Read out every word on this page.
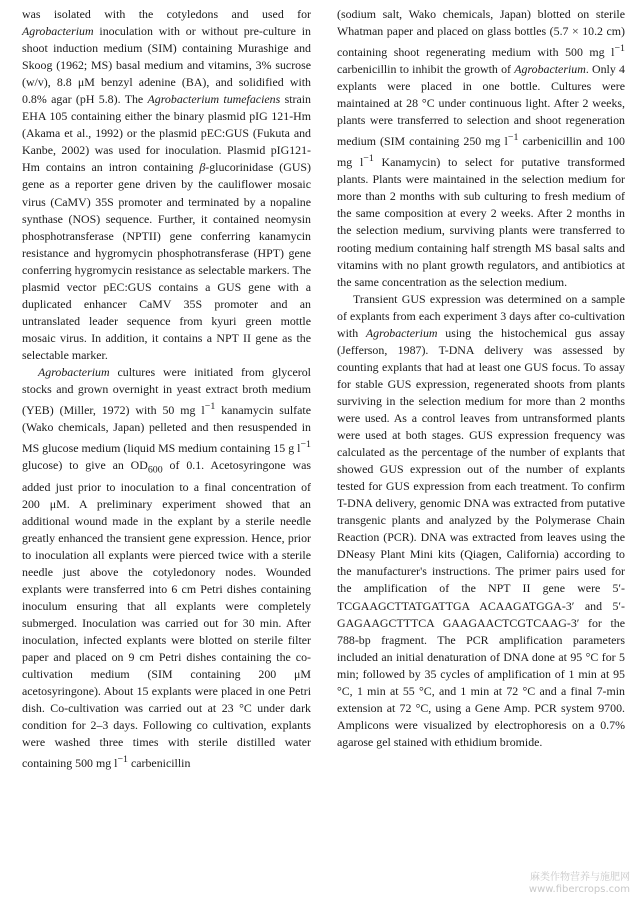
was isolated with the cotyledons and used for Agrobacterium inoculation with or without pre-culture in shoot induction medium (SIM) containing Murashige and Skoog (1962; MS) basal medium and vitamins, 3% sucrose (w/v), 8.8 μM benzyl adenine (BA), and solidified with 0.8% agar (pH 5.8). The Agrobacterium tumefaciens strain EHA 105 containing either the binary plasmid pIG 121-Hm (Akama et al., 1992) or the plasmid pEC:GUS (Fukuta and Kanbe, 2002) was used for inoculation. Plasmid pIG121-Hm contains an intron containing β-glucorinidase (GUS) gene as a reporter gene driven by the cauliflower mosaic virus (CaMV) 35S promoter and terminated by a nopaline synthase (NOS) sequence. Further, it contained neomysin phosphotransferase (NPTII) gene conferring kanamycin resistance and hygromycin phosphotransferase (HPT) gene conferring hygromycin resistance as selectable markers. The plasmid vector pEC:GUS contains a GUS gene with a duplicated enhancer CaMV 35S promoter and an untranslated leader sequence from kyuri green mottle mosaic virus. In addition, it contains a NPT II gene as the selectable marker.

Agrobacterium cultures were initiated from glycerol stocks and grown overnight in yeast extract broth medium (YEB) (Miller, 1972) with 50 mg $l^{-1}$ kanamycin sulfate (Wako chemicals, Japan) pelleted and then resuspended in MS glucose medium (liquid MS medium containing 15 g $l^{-1}$ glucose) to give an $OD_{600}$ of 0.1. Acetosyringone was added just prior to inoculation to a final concentration of 200 μM. A preliminary experiment showed that an additional wound made in the explant by a sterile needle greatly enhanced the transient gene expression. Hence, prior to inoculation all explants were pierced twice with a sterile needle just above the cotyledonory nodes. Wounded explants were transferred into 6 cm Petri dishes containing inoculum ensuring that all explants were completely submerged. Inoculation was carried out for 30 min. After inoculation, infected explants were blotted on sterile filter paper and placed on 9 cm Petri dishes containing the co-cultivation medium (SIM containing 200 μM acetosyringone). About 15 explants were placed in one Petri dish. Co-cultivation was carried out at 23 °C under dark condition for 2–3 days. Following co cultivation, explants were washed three times with sterile distilled water containing 500 mg $l^{-1}$ carbenicillin

(sodium salt, Wako chemicals, Japan) blotted on sterile Whatman paper and placed on glass bottles (5.7 × 10.2 cm) containing shoot regenerating medium with 500 mg $l^{-1}$ carbenicillin to inhibit the growth of Agrobacterium. Only 4 explants were placed in one bottle. Cultures were maintained at 28 °C under continuous light. After 2 weeks, plants were transferred to selection and shoot regeneration medium (SIM containing 250 mg $l^{-1}$ carbenicillin and 100 mg $l^{-1}$ Kanamycin) to select for putative transformed plants. Plants were maintained in the selection medium for more than 2 months with sub culturing to fresh medium of the same composition at every 2 weeks. After 2 months in the selection medium, surviving plants were transferred to rooting medium containing half strength MS basal salts and vitamins with no plant growth regulators, and antibiotics at the same concentration as the selection medium.

Transient GUS expression was determined on a sample of explants from each experiment 3 days after co-cultivation with Agrobacterium using the histochemical gus assay (Jefferson, 1987). T-DNA delivery was assessed by counting explants that had at least one GUS focus. To assay for stable GUS expression, regenerated shoots from plants surviving in the selection medium for more than 2 months were used. As a control leaves from untransformed plants were used at both stages. GUS expression frequency was calculated as the percentage of the number of explants that showed GUS expression out of the number of explants tested for GUS expression from each treatment. To confirm T-DNA delivery, genomic DNA was extracted from putative transgenic plants and analyzed by the Polymerase Chain Reaction (PCR). DNA was extracted from leaves using the DNeasy Plant Mini kits (Qiagen, California) according to the manufacturer's instructions. The primer pairs used for the amplification of the NPT II gene were 5′-TCGAAGCTTATGATTGA ACAAGATGGA-3′ and 5′-GAGAAGCTTTCA GAAGAACTCGTCAAG-3′ for the 788-bp fragment. The PCR amplification parameters included an initial denaturation of DNA done at 95 °C for 5 min; followed by 35 cycles of amplification of 1 min at 95 °C, 1 min at 55 °C, and 1 min at 72 °C and a final 7-min extension at 72 °C, using a Gene Amp. PCR system 9700. Amplicons were visualized by electrophoresis on a 0.7% agarose gel stained with ethidium bromide.

麻类作物营养与施肥网
www.fibercrops.com
